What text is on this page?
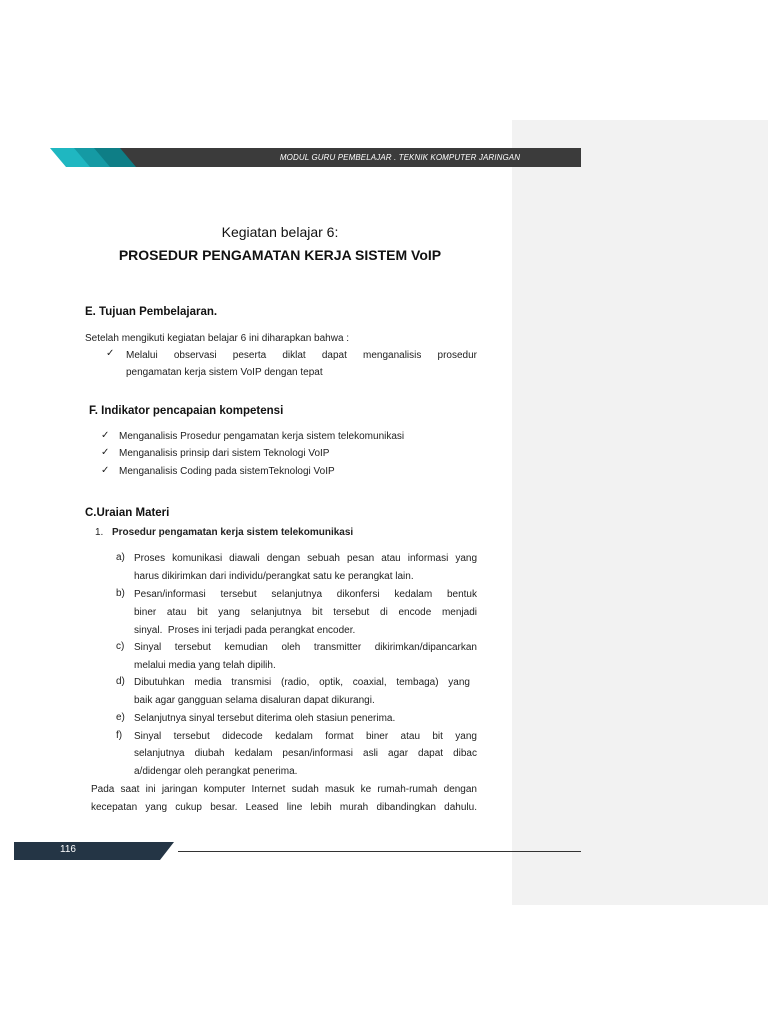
MODUL GURU PEMBELAJAR . TEKNIK KOMPUTER JARINGAN
Kegiatan belajar 6:
PROSEDUR PENGAMATAN KERJA SISTEM VoIP
E. Tujuan Pembelajaran.
Setelah mengikuti kegiatan belajar 6 ini diharapkan bahwa :
✓ Melalui observasi peserta diklat dapat menganalisis prosedur
pengamatan kerja sistem VoIP dengan tepat
F. Indikator pencapaian kompetensi
✓ Menganalisis Prosedur pengamatan kerja sistem telekomunikasi
✓ Menganalisis prinsip dari sistem Teknologi VoIP
✓ Menganalisis Coding pada sistemTeknologi VoIP
C.Uraian Materi
1. Prosedur pengamatan kerja sistem telekomunikasi
a) Proses komunikasi diawali dengan sebuah pesan atau informasi yang
harus dikirimkan dari individu/perangkat satu ke perangkat lain.
b) Pesan/informasi tersebut selanjutnya dikonfersi kedalam bentuk
biner atau bit yang selanjutnya bit tersebut di encode menjadi
sinyal.  Proses ini terjadi pada perangkat encoder.
c) Sinyal tersebut kemudian oleh transmitter dikirimkan/dipancarkan
melalui media yang telah dipilih.
d) Dibutuhkan media transmisi (radio, optik, coaxial, tembaga) yang
baik agar gangguan selama disaluran dapat dikurangi.
e) Selanjutnya sinyal tersebut diterima oleh stasiun penerima.
f) Sinyal tersebut didecode kedalam format biner atau bit yang
selanjutnya diubah kedalam pesan/informasi asli agar dapat dibac
a/didengar oleh perangkat penerima.
Pada saat ini jaringan komputer Internet sudah masuk ke rumah-rumah dengan
kecepatan yang cukup besar. Leased line lebih murah dibandingkan dahulu.
116
